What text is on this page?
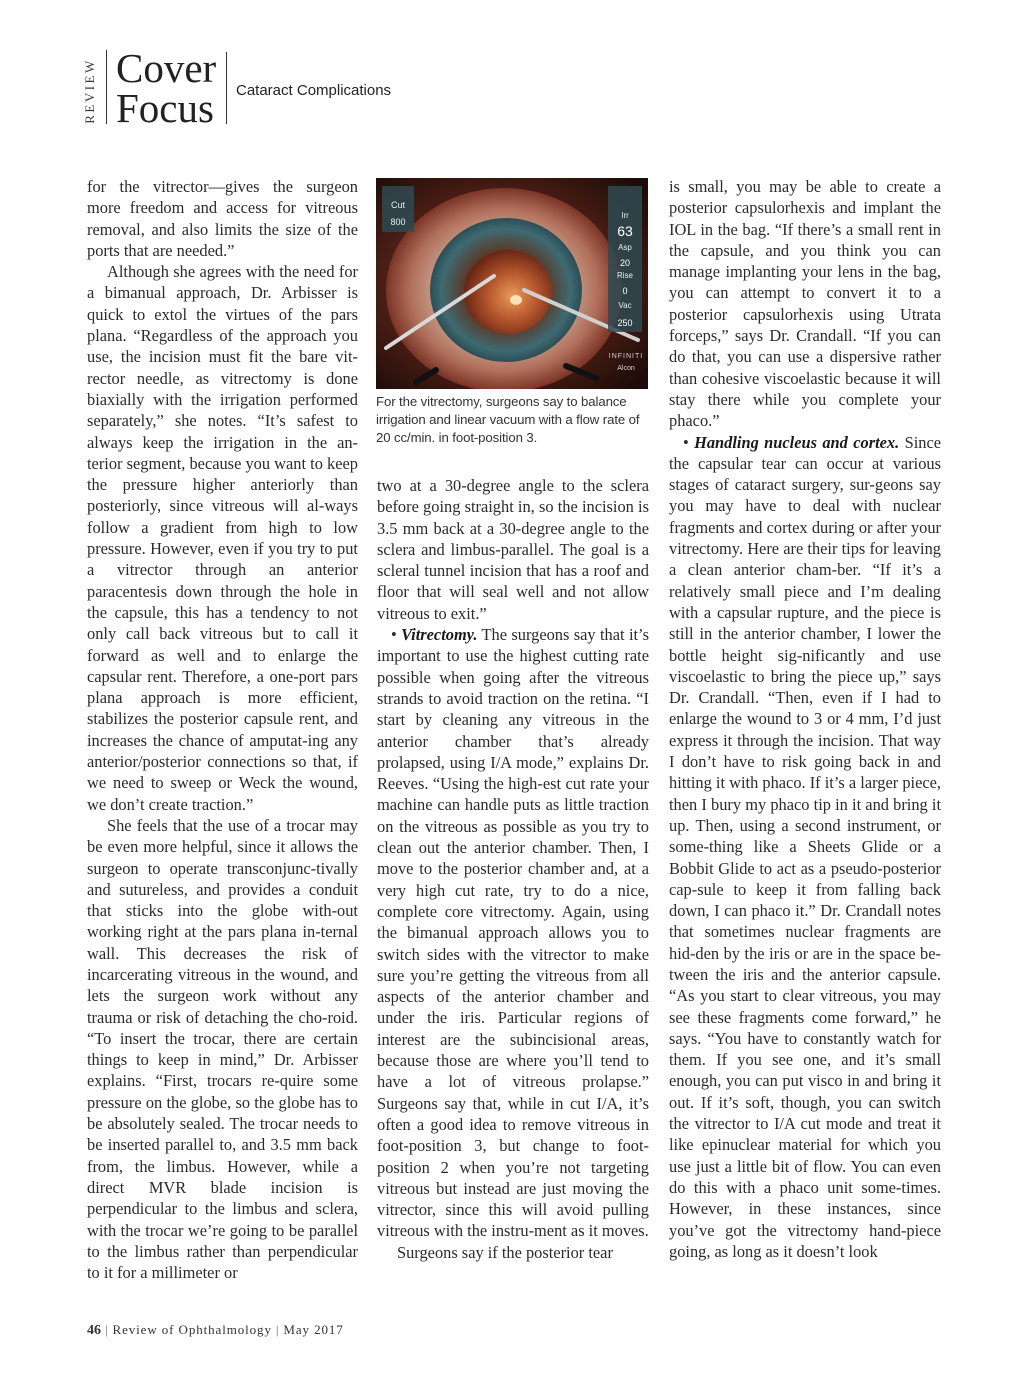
REVIEW Cover
Focus Cataract Complications

for the vitrector—gives the surgeon more freedom and access for vitreous removal, and also limits the size of the ports that are needed.”

Although she agrees with the need for a bimanual approach, Dr. Arbisser is quick to extol the virtues of the pars plana. “Regardless of the approach you use, the incision must fit the bare vit-rector needle, as vitrectomy is done biaxially with the irrigation performed separately,” she notes. “It’s safest to always keep the irrigation in the an-terior segment, because you want to keep the pressure higher anteriorly than posteriorly, since vitreous will al-ways follow a gradient from high to low pressure. However, even if you try to put a vitrector through an anterior paracentesis down through the hole in the capsule, this has a tendency to not only call back vitreous but to call it forward as well and to enlarge the capsular rent. Therefore, a one-port pars plana approach is more efficient, stabilizes the posterior capsule rent, and increases the chance of amputat-ing any anterior/posterior connections so that, if we need to sweep or Weck the wound, we don’t create traction.”

She feels that the use of a trocar may be even more helpful, since it allows the surgeon to operate transconjunc-tivally and sutureless, and provides a conduit that sticks into the globe with-out working right at the pars plana in-ternal wall. This decreases the risk of incarcerating vitreous in the wound, and lets the surgeon work without any trauma or risk of detaching the cho-roid. “To insert the trocar, there are certain things to keep in mind,” Dr. Arbisser explains. “First, trocars re-quire some pressure on the globe, so the globe has to be absolutely sealed. The trocar needs to be inserted parallel to, and 3.5 mm back from, the limbus. However, while a direct MVR blade incision is perpendicular to the limbus and sclera, with the trocar we’re going to be parallel to the limbus rather than perpendicular to it for a millimeter or

Cut
800
Irr
63
Asp
20
Rise
0
Vac
250
INFINITI
Alcon
For the vitrectomy, surgeons say to balance irrigation and linear vacuum with a flow rate of 20 cc/min. in foot-position 3.

two at a 30-degree angle to the sclera before going straight in, so the incision is 3.5 mm back at a 30-degree angle to the sclera and limbus-parallel. The goal is a scleral tunnel incision that has a roof and floor that will seal well and not allow vitreous to exit.”

• Vitrectomy. The surgeons say that it’s important to use the highest cutting rate possible when going after the vitreous strands to avoid traction on the retina. “I start by cleaning any vitreous in the anterior chamber that’s already prolapsed, using I/A mode,” explains Dr. Reeves. “Using the high-est cut rate your machine can handle puts as little traction on the vitreous as possible as you try to clean out the anterior chamber. Then, I move to the posterior chamber and, at a very high cut rate, try to do a nice, complete core vitrectomy. Again, using the bimanual approach allows you to switch sides with the vitrector to make sure you’re getting the vitreous from all aspects of the anterior chamber and under the iris. Particular regions of interest are the subincisional areas, because those are where you’ll tend to have a lot of vitreous prolapse.” Surgeons say that, while in cut I/A, it’s often a good idea to remove vitreous in foot-position 3, but change to foot-position 2 when you’re not targeting vitreous but instead are just moving the vitrector, since this will avoid pulling vitreous with the instru-ment as it moves.

Surgeons say if the posterior tear

is small, you may be able to create a posterior capsulorhexis and implant the IOL in the bag. “If there’s a small rent in the capsule, and you think you can manage implanting your lens in the bag, you can attempt to convert it to a posterior capsulorhexis using Utrata forceps,” says Dr. Crandall. “If you can do that, you can use a dispersive rather than cohesive viscoelastic because it will stay there while you complete your phaco.”

• Handling nucleus and cortex. Since the capsular tear can occur at various stages of cataract surgery, sur-geons say you may have to deal with nuclear fragments and cortex during or after your vitrectomy. Here are their tips for leaving a clean anterior cham-ber. “If it’s a relatively small piece and I’m dealing with a capsular rupture, and the piece is still in the anterior chamber, I lower the bottle height sig-nificantly and use viscoelastic to bring the piece up,” says Dr. Crandall. “Then, even if I had to enlarge the wound to 3 or 4 mm, I’d just express it through the incision. That way I don’t have to risk going back in and hitting it with phaco. If it’s a larger piece, then I bury my phaco tip in it and bring it up. Then, using a second instrument, or some-thing like a Sheets Glide or a Bobbit Glide to act as a pseudo-posterior cap-sule to keep it from falling back down, I can phaco it.” Dr. Crandall notes that sometimes nuclear fragments are hid-den by the iris or are in the space be-tween the iris and the anterior capsule. “As you start to clear vitreous, you may see these fragments come forward,” he says. “You have to constantly watch for them. If you see one, and it’s small enough, you can put visco in and bring it out. If it’s soft, though, you can switch the vitrector to I/A cut mode and treat it like epinuclear material for which you use just a little bit of flow. You can even do this with a phaco unit some-times. However, in these instances, since you’ve got the vitrectomy hand-piece going, as long as it doesn’t look

46 | Review of Ophthalmology | May 2017
